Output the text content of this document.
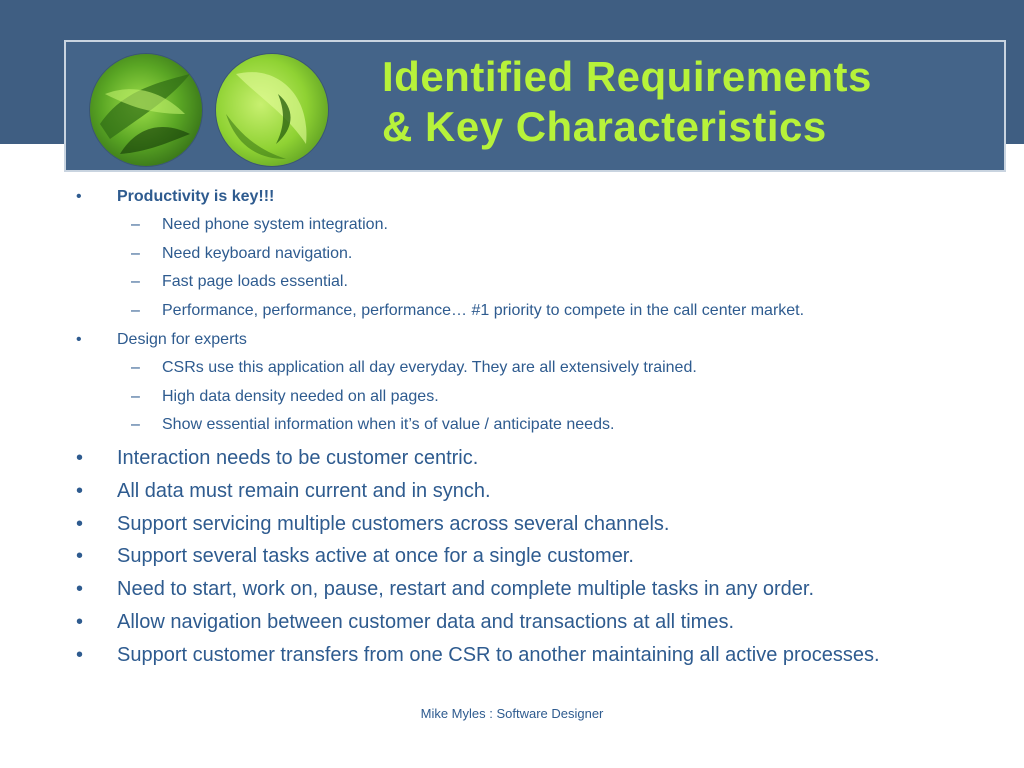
Identified Requirements
& Key Characteristics
• Productivity is key!!!
– Need phone system integration.
– Need keyboard navigation.
– Fast page loads essential.
– Performance, performance, performance… #1 priority to compete in the call center market.
• Design for experts
– CSRs use this application all day everyday. They are all extensively trained.
– High data density needed on all pages.
– Show essential information when it’s of value / anticipate needs.
• Interaction needs to be customer centric.
• All data must remain current and in synch.
• Support servicing multiple customers across several channels.
• Support several tasks active at once for a single customer.
• Need to start, work on, pause, restart and complete multiple tasks in any order.
• Allow navigation between customer data and transactions at all times.
• Support customer transfers from one CSR to another maintaining all active processes.
Mike Myles : Software Designer
